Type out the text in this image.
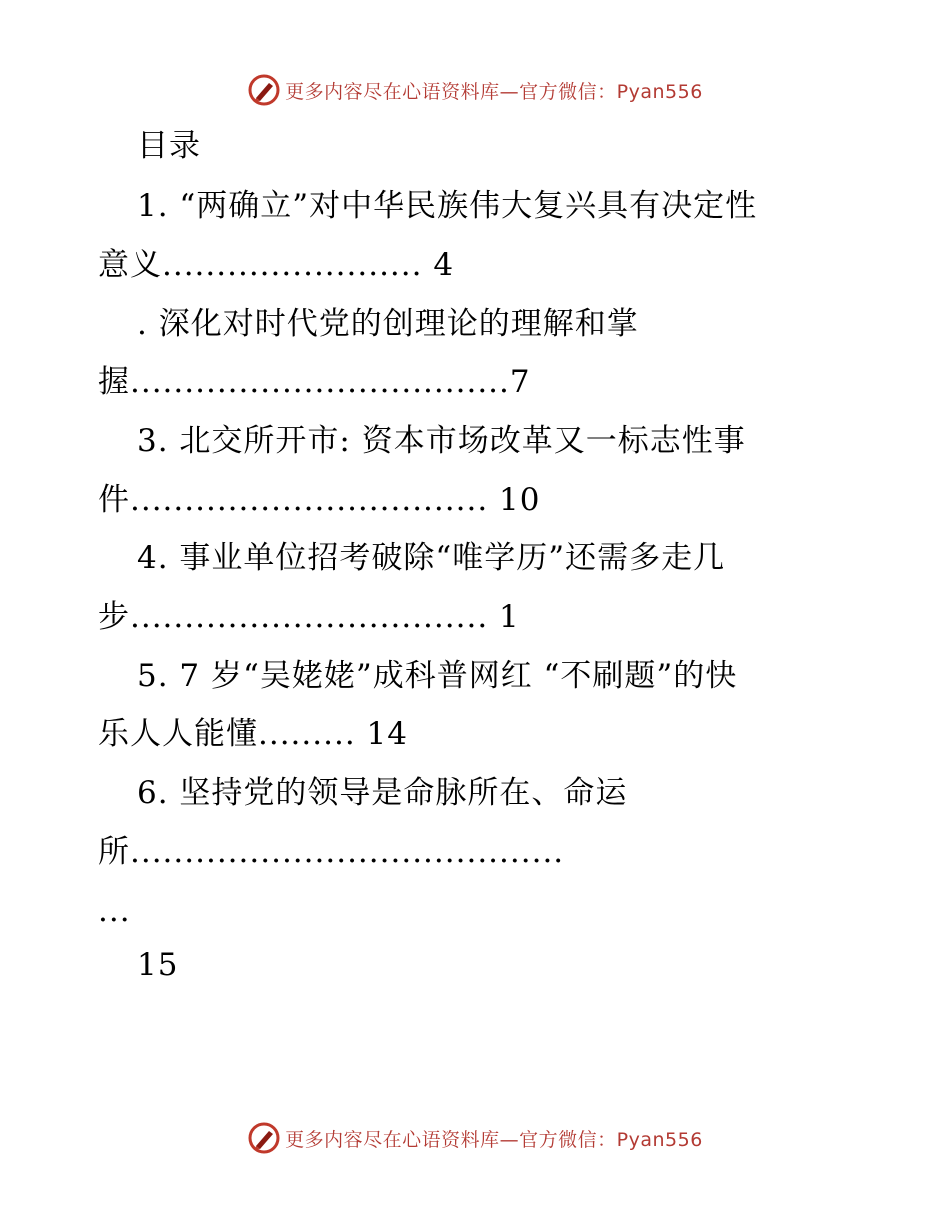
更多内容尽在心语资料库—官方微信：Pyan556
目录
1. “两确立”对中华民族伟大复兴具有决定性
意义........................ 4
. 深化对时代党的创理论的理解和掌
握...................................7
3. 北交所开市: 资本市场改革又一标志性事
件................................. 10
4. 事业单位招考破除“唯学历”还需多走几
步................................. 1
5. 7 岁“吴姥姥”成科普网红 “不刷题”的快
乐人人能懂......... 14
6. 坚持党的领导是命脉所在、命运
所........................................
...
15
更多内容尽在心语资料库—官方微信：Pyan556
